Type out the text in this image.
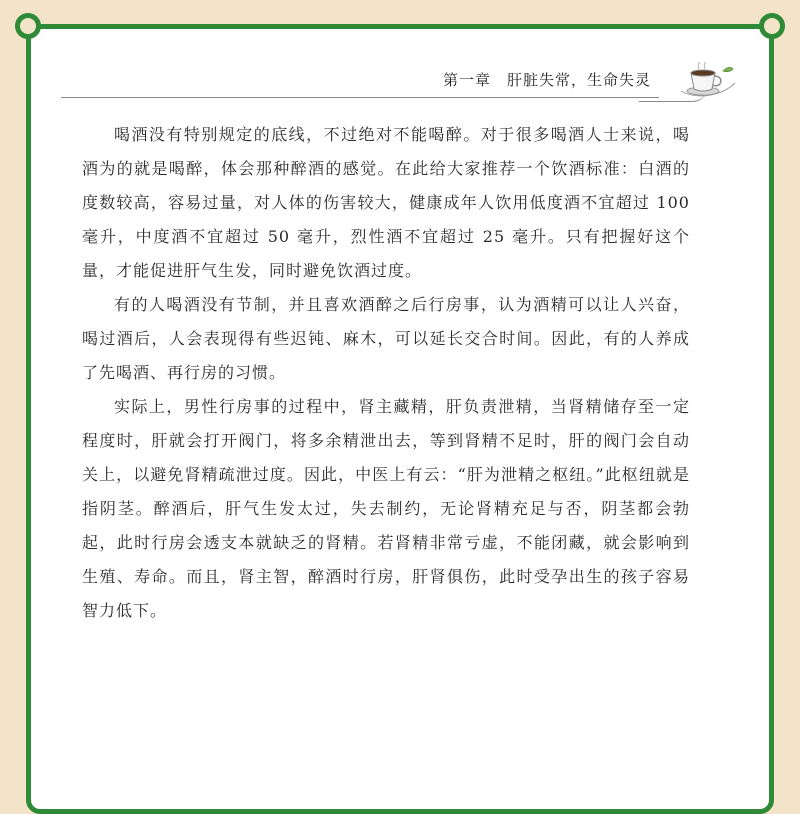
第一章　肝脏失常，生命失灵

喝酒没有特别规定的底线，不过绝对不能喝醉。对于很多喝酒人士来说，喝酒为的就是喝醉，体会那种醉酒的感觉。在此给大家推荐一个饮酒标准：白酒的度数较高，容易过量，对人体的伤害较大，健康成年人饮用低度酒不宜超过 100 毫升，中度酒不宜超过 50 毫升，烈性酒不宜超过 25 毫升。只有把握好这个量，才能促进肝气生发，同时避免饮酒过度。

有的人喝酒没有节制，并且喜欢酒醉之后行房事，认为酒精可以让人兴奋，喝过酒后，人会表现得有些迟钝、麻木，可以延长交合时间。因此，有的人养成了先喝酒、再行房的习惯。

实际上，男性行房事的过程中，肾主藏精，肝负责泄精，当肾精储存至一定程度时，肝就会打开阀门，将多余精泄出去，等到肾精不足时，肝的阀门会自动关上，以避免肾精疏泄过度。因此，中医上有云：“肝为泄精之枢纽。”此枢纽就是指阴茎。醉酒后，肝气生发太过，失去制约，无论肾精充足与否，阴茎都会勃起，此时行房会透支本就缺乏的肾精。若肾精非常亏虚，不能闭藏，就会影响到生殖、寿命。而且，肾主智，醉酒时行房，肝肾俱伤，此时受孕出生的孩子容易智力低下。
